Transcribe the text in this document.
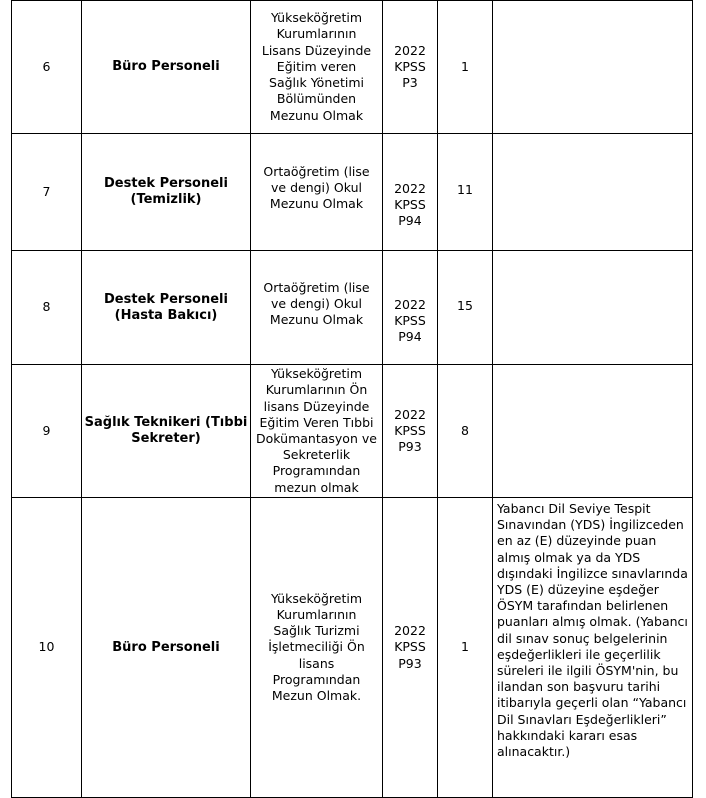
6	Büro Personeli	Yükseköğretim Kurumlarının Lisans Düzeyinde Eğitim veren Sağlık Yönetimi Bölümünden Mezunu Olmak	2022 KPSS P3	1	
7	Destek Personeli (Temizlik)	Ortaöğretim (lise ve dengi) Okul Mezunu Olmak	2022 KPSS P94	11	
8	Destek Personeli (Hasta Bakıcı)	Ortaöğretim (lise ve dengi) Okul Mezunu Olmak	2022 KPSS P94	15	
9	Sağlık Teknikeri (Tıbbi Sekreter)	Yükseköğretim Kurumlarının Ön lisans Düzeyinde Eğitim Veren Tıbbi Dokümantasyon ve Sekreterlik Programından mezun olmak	2022 KPSS P93	8	
10	Büro Personeli	Yükseköğretim Kurumlarının Sağlık Turizmi İşletmeciliği Ön lisans Programından Mezun Olmak.	2022 KPSS P93	1	Yabancı Dil Seviye Tespit Sınavından (YDS) İngilizceden en az (E) düzeyinde puan almış olmak ya da YDS dışındaki İngilizce sınavlarında YDS (E) düzeyine eşdeğer ÖSYM tarafından belirlenen puanları almış olmak. (Yabancı dil sınav sonuç belgelerinin eşdeğerlikleri ile geçerlilik süreleri ile ilgili ÖSYM'nin, bu ilandan son başvuru tarihi itibarıyla geçerli olan “Yabancı Dil Sınavları Eşdeğerlikleri” hakkındaki kararı esas alınacaktır.)
